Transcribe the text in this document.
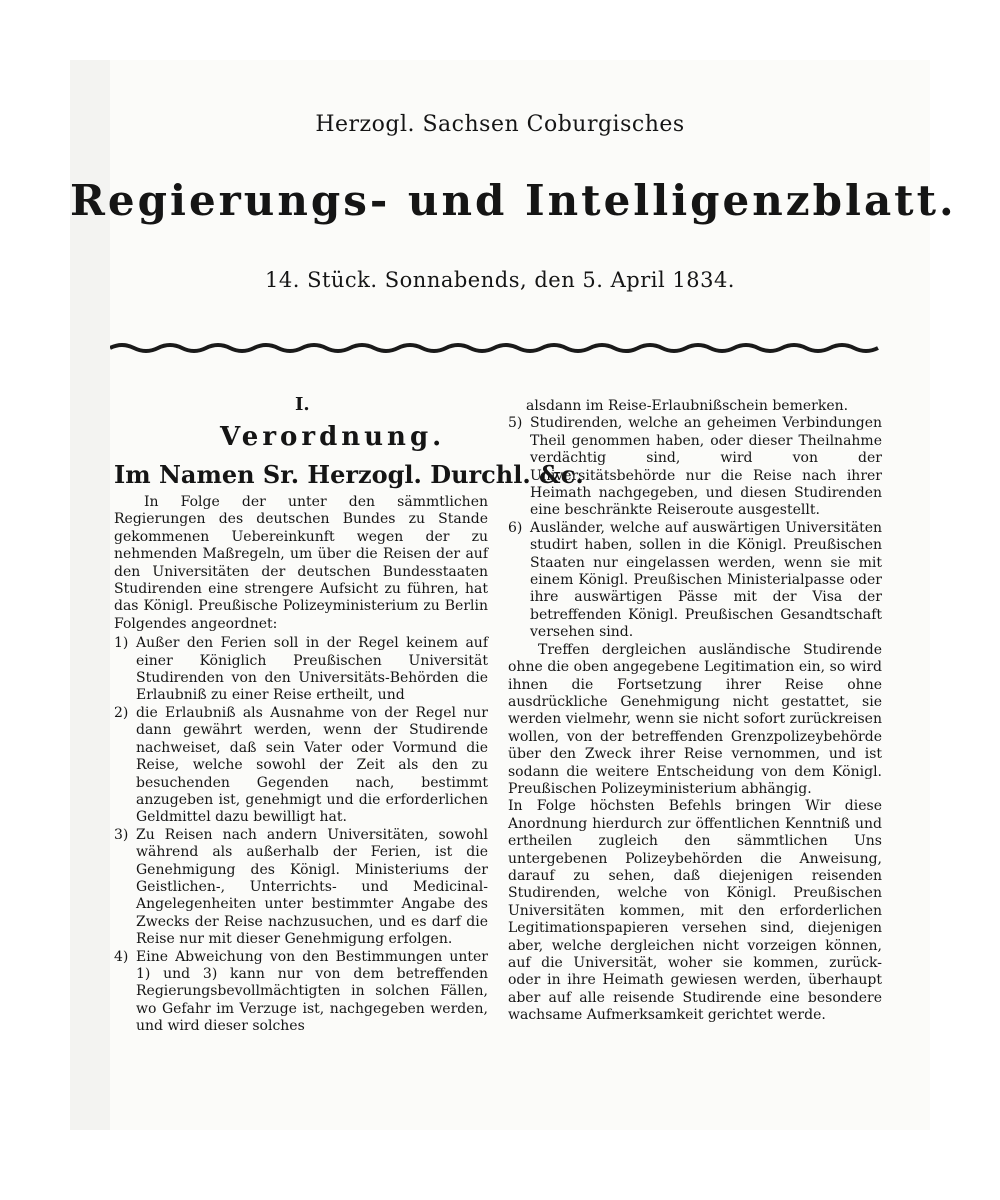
Herzogl. Sachsen Coburgisches
Regierungs- und Intelligenzblatt.
14. Stück. Sonnabends, den 5. April 1834.
I.
Verordnung.
Im Namen Sr. Herzogl. Durchl. &c.

In Folge der unter den sämmtlichen Regierungen des deutschen Bundes zu Stande gekommenen Uebereinkunft wegen der zu nehmenden Maßregeln, um über die Reisen der auf den Universitäten der deutschen Bundesstaaten Studirenden eine strengere Aufsicht zu führen, hat das Königl. Preußische Polizeyministerium zu Berlin Folgendes angeordnet:

1) Außer den Ferien soll in der Regel keinem auf einer Königlich Preußischen Universität Studirenden von den Universitäts-Behörden die Erlaubniß zu einer Reise ertheilt, und
2) die Erlaubniß als Ausnahme von der Regel nur dann gewährt werden, wenn der Studirende nachweiset, daß sein Vater oder Vormund die Reise, welche sowohl der Zeit als den zu besuchenden Gegenden nach, bestimmt anzugeben ist, genehmigt und die erforderlichen Geldmittel dazu bewilligt hat.
3) Zu Reisen nach andern Universitäten, sowohl während als außerhalb der Ferien, ist die Genehmigung des Königl. Ministeriums der Geistlichen-, Unterrichts- und Medicinal-Angelegenheiten unter bestimmter Angabe des Zwecks der Reise nachzusuchen, und es darf die Reise nur mit dieser Genehmigung erfolgen.
4) Eine Abweichung von den Bestimmungen unter 1) und 3) kann nur von dem betreffenden Regierungsbevollmächtigten in solchen Fällen, wo Gefahr im Verzuge ist, nachgegeben werden, und wird dieser solches

alsdann im Reise-Erlaubnißschein bemerken.

5) Studirenden, welche an geheimen Verbindungen Theil genommen haben, oder dieser Theilnahme verdächtig sind, wird von der Universitätsbehörde nur die Reise nach ihrer Heimath nachgegeben, und diesen Studirenden eine beschränkte Reiseroute ausgestellt.
6) Ausländer, welche auf auswärtigen Universitäten studirt haben, sollen in die Königl. Preußischen Staaten nur eingelassen werden, wenn sie mit einem Königl. Preußischen Ministerialpasse oder ihre auswärtigen Pässe mit der Visa der betreffenden Königl. Preußischen Gesandtschaft versehen sind.

Treffen dergleichen ausländische Studirende ohne die oben angegebene Legitimation ein, so wird ihnen die Fortsetzung ihrer Reise ohne ausdrückliche Genehmigung nicht gestattet, sie werden vielmehr, wenn sie nicht sofort zurückreisen wollen, von der betreffenden Grenzpolizeybehörde über den Zweck ihrer Reise vernommen, und ist sodann die weitere Entscheidung von dem Königl. Preußischen Polizeyministerium abhängig.

In Folge höchsten Befehls bringen Wir diese Anordnung hierdurch zur öffentlichen Kenntniß und ertheilen zugleich den sämmtlichen Uns untergebenen Polizeybehörden die Anweisung, darauf zu sehen, daß diejenigen reisenden Studirenden, welche von Königl. Preußischen Universitäten kommen, mit den erforderlichen Legitimationspapieren versehen sind, diejenigen aber, welche dergleichen nicht vorzeigen können, auf die Universität, woher sie kommen, zurück- oder in ihre Heimath gewiesen werden, überhaupt aber auf alle reisende Studirende eine besondere wachsame Aufmerksamkeit gerichtet werde.
